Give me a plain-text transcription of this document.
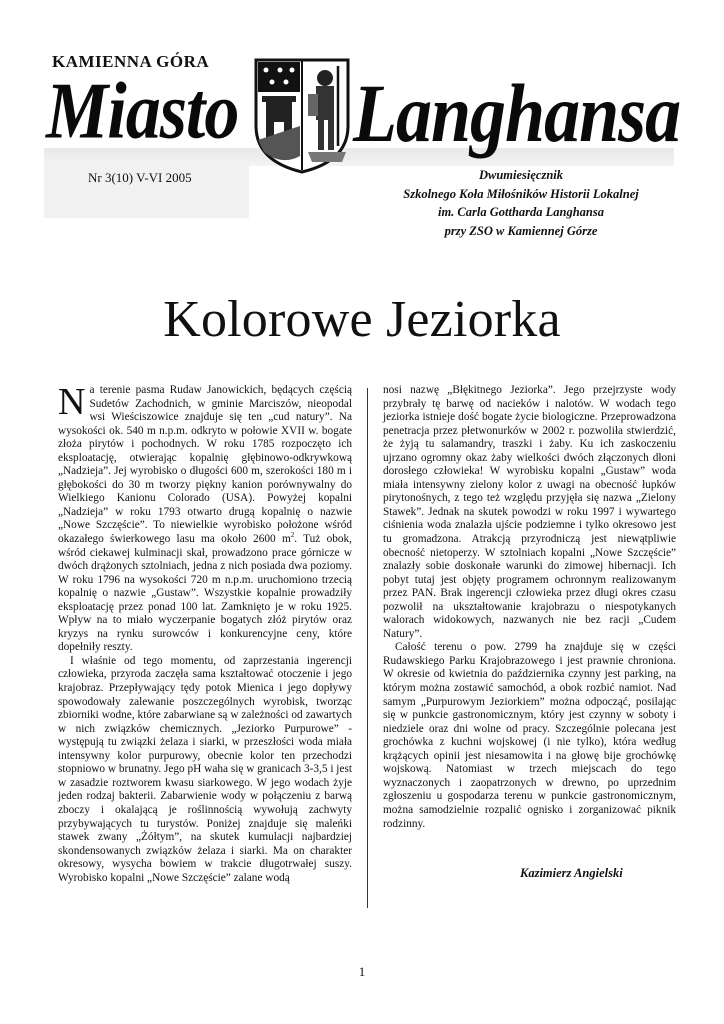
KAMIENNA GÓRA
Miasto Langhansa
Nr 3(10) V-VI 2005	Dwumiesięcznik
Szkolnego Koła Miłośników Historii Lokalnej
im. Carla Gottharda Langhansa
przy ZSO w Kamiennej Górze
Kolorowe Jeziorka

Na terenie pasma Rudaw Janowickich, będących częścią Sudetów Zachodnich, w gminie Marciszów, nieopodal wsi Wieściszowice znajduje się ten „cud natury”. Na wysokości ok. 540 m n.p.m. odkryto w połowie XVII w. bogate złoża pirytów i pochodnych. W roku 1785 rozpoczęto ich eksploatację, otwierając kopalnię głębinowo-odkrywkową „Nadzieja”. Jej wyrobisko o długości 600 m, szerokości 180 m i głębokości do 30 m tworzy piękny kanion porównywalny do Wielkiego Kanionu Colorado (USA). Powyżej kopalni „Nadzieja” w roku 1793 otwarto drugą kopalnię o nazwie „Nowe Szczęście”. To niewielkie wyrobisko położone wśród okazałego świerkowego lasu ma około 2600 $m^2$. Tuż obok, wśród ciekawej kulminacji skał, prowadzono prace górnicze w dwóch drążonych sztolniach, jedna z nich posiada dwa poziomy. W roku 1796 na wysokości 720 m n.p.m. uruchomiono trzecią kopalnię o nazwie „Gustaw”. Wszystkie kopalnie prowadziły eksploatację przez ponad 100 lat. Zamknięto je w roku 1925. Wpływ na to miało wyczerpanie bogatych złóż pirytów oraz kryzys na rynku surowców i konkurencyjne ceny, które dopełniły reszty.

I właśnie od tego momentu, od zaprzestania ingerencji człowieka, przyroda zaczęła sama kształtować otoczenie i jego krajobraz. Przepływający tędy potok Mienica i jego dopływy spowodowały zalewanie poszczególnych wyrobisk, tworząc zbiorniki wodne, które zabarwiane są w zależności od zawartych w nich związków chemicznych. „Jeziorko Purpurowe” - występują tu związki żelaza i siarki, w przeszłości woda miała intensywny kolor purpurowy, obecnie kolor ten przechodzi stopniowo w brunatny. Jego pH waha się w granicach 3-3,5 i jest w zasadzie roztworem kwasu siarkowego. W jego wodach żyje jeden rodzaj bakterii. Zabarwienie wody w połączeniu z barwą zboczy i okalającą je roślinnością wywołują zachwyty przybywających tu turystów. Poniżej znajduje się maleńki stawek zwany „Żółtym”, na skutek kumulacji najbardziej skondensowanych związków żelaza i siarki. Ma on charakter okresowy, wysycha bowiem w trakcie długotrwałej suszy. Wyrobisko kopalni „Nowe Szczęście” zalane wodą

nosi nazwę „Błękitnego Jeziorka”. Jego przejrzyste wody przybrały tę barwę od nacieków i nalotów. W wodach tego jeziorka istnieje dość bogate życie biologiczne. Przeprowadzona penetracja przez płetwonurków w 2002 r. pozwoliła stwierdzić, że żyją tu salamandry, traszki i żaby. Ku ich zaskoczeniu ujrzano ogromny okaz żaby wielkości dwóch złączonych dłoni dorosłego człowieka! W wyrobisku kopalni „Gustaw” woda miała intensywny zielony kolor z uwagi na obecność łupków pirytonośnych, z tego też względu przyjęła się nazwa „Zielony Stawek”. Jednak na skutek powodzi w roku 1997 i wywartego ciśnienia woda znalazła ujście podziemne i tylko okresowo jest tu gromadzona. Atrakcją przyrodniczą jest niewątpliwie obecność nietoperzy. W sztolniach kopalni „Nowe Szczęście” znalazły sobie doskonałe warunki do zimowej hibernacji. Ich pobyt tutaj jest objęty programem ochronnym realizowanym przez PAN. Brak ingerencji człowieka przez długi okres czasu pozwolił na ukształtowanie krajobrazu o niespotykanych walorach widokowych, nazwanych nie bez racji „Cudem Natury”.

Całość terenu o pow. 2799 ha znajduje się w części Rudawskiego Parku Krajobrazowego i jest prawnie chroniona. W okresie od kwietnia do października czynny jest parking, na którym można zostawić samochód, a obok rozbić namiot. Nad samym „Purpurowym Jeziorkiem” można odpocząć, posilając się w punkcie gastronomicznym, który jest czynny w soboty i niedziele oraz dni wolne od pracy. Szczególnie polecana jest grochówka z kuchni wojskowej (i nie tylko), która według krążących opinii jest niesamowita i na głowę bije grochówkę wojskową. Natomiast w trzech miejscach do tego wyznaczonych i zaopatrzonych w drewno, po uprzednim zgłoszeniu u gospodarza terenu w punkcie gastronomicznym, można samodzielnie rozpalić ognisko i zorganizować piknik rodzinny.

Kazimierz Angielski
1
